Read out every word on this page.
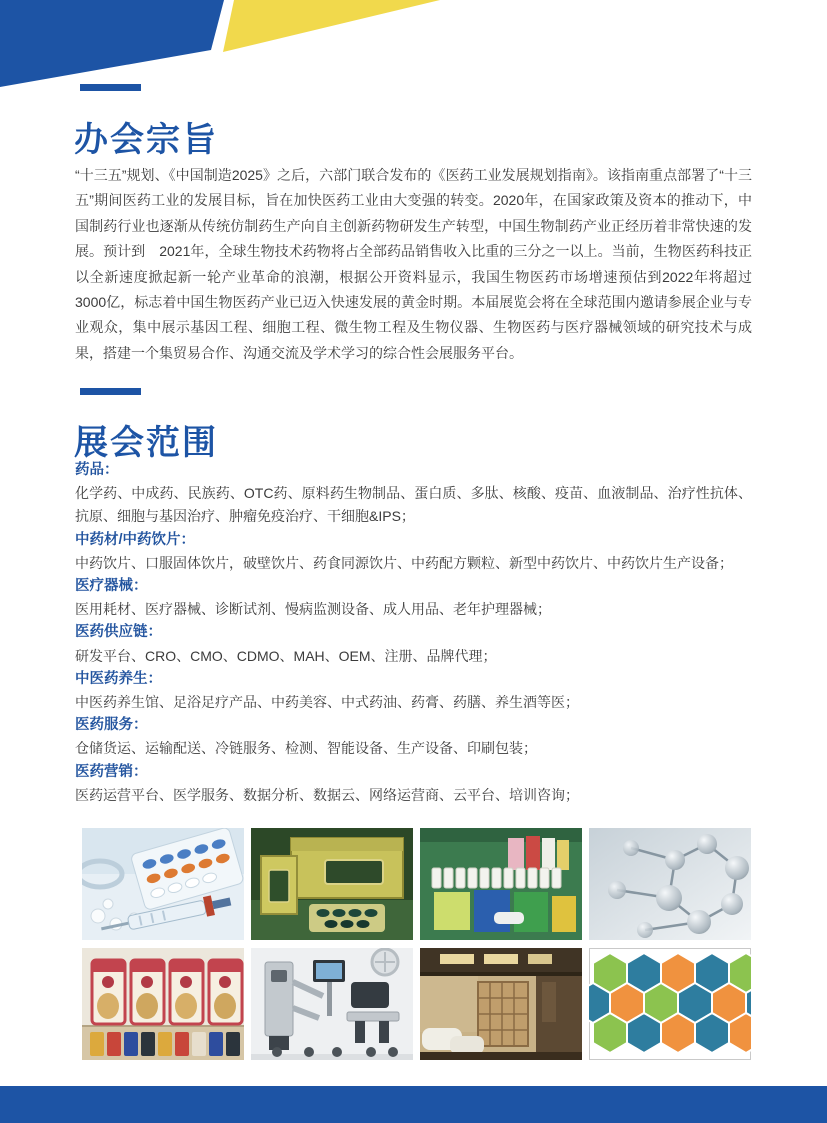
办会宗旨

“十三五”规划、《中国制造2025》之后，六部门联合发布的《医药工业发展规划指南》。该指南重点部署了“十三五”期间医药工业的发展目标，旨在加快医药工业由大变强的转变。2020年，在国家政策及资本的推动下，中国制药行业也逐渐从传统仿制药生产向自主创新药物研发生产转型，中国生物制药产业正经历着非常快速的发展。预计到　2021年，全球生物技术药物将占全部药品销售收入比重的三分之一以上。当前，生物医药科技正以全新速度掀起新一轮产业革命的浪潮，根据公开资料显示，我国生物医药市场增速预估到2022年将超过3000亿，标志着中国生物医药产业已迈入快速发展的黄金时期。本届展览会将在全球范围内邀请参展企业与专业观众，集中展示基因工程、细胞工程、微生物工程及生物仪器、生物医药与医疗器械领域的研究技术与成果，搭建一个集贸易合作、沟通交流及学术学习的综合性会展服务平台。

展会范围
药品：
化学药、中成药、民族药、OTC药、原料药生物制品、蛋白质、多肽、核酸、疫苗、血液制品、治疗性抗体、抗原、细胞与基因治疗、肿瘤免疫治疗、干细胞&IPS；
中药材/中药饮片：
中药饮片、口服固体饮片，破壁饮片、药食同源饮片、中药配方颗粒、新型中药饮片、中药饮片生产设备；
医疗器械：
医用耗材、医疗器械、诊断试剂、慢病监测设备、成人用品、老年护理器械；
医药供应链：
研发平台、CRO、CMO、CDMO、MAH、OEM、注册、品牌代理；
中医药养生：
中医药养生馆、足浴足疗产品、中药美容、中式药油、药膏、药膳、养生酒等医；
医药服务：
仓储货运、运输配送、冷链服务、检测、智能设备、生产设备、印刷包装；
医药营销：
医药运营平台、医学服务、数据分析、数据云、网络运营商、云平台、培训咨询；
